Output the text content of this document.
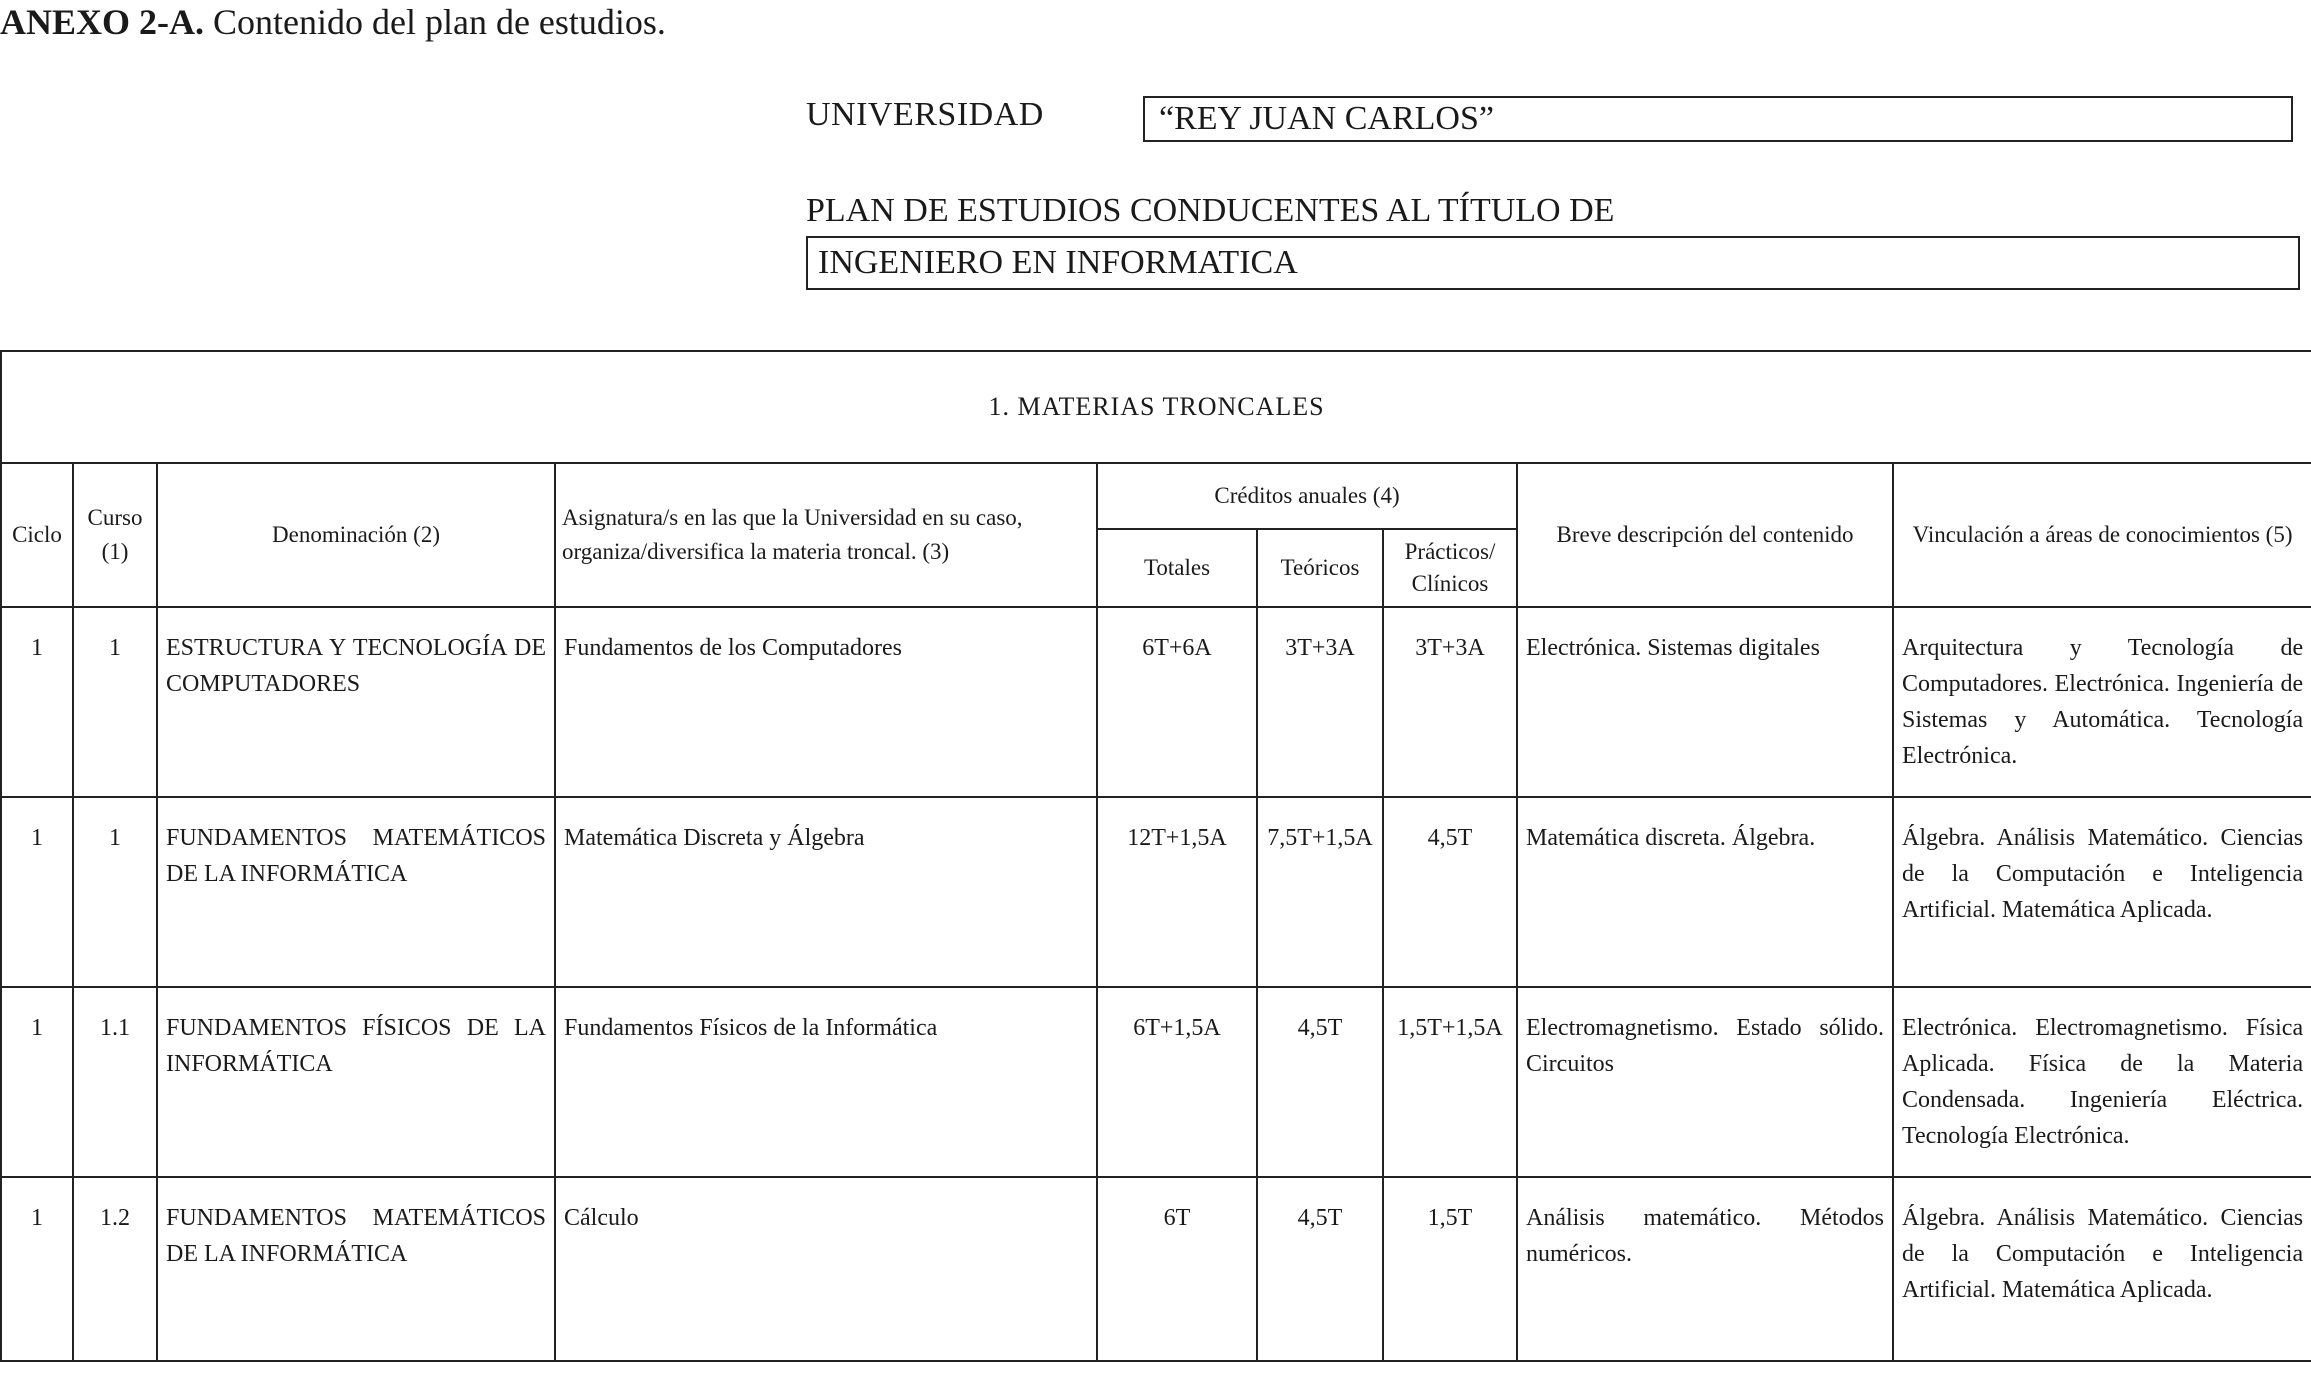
ANEXO 2-A. Contenido del plan de estudios.
UNIVERSIDAD	“REY JUAN CARLOS”
PLAN DE ESTUDIOS CONDUCENTES AL TÍTULO DE
INGENIERO EN INFORMATICA
1. MATERIAS TRONCALES								
Ciclo	Curso (1)	Denominación (2)	Asignatura/s en las que la Universidad en su caso, organiza/diversifica la materia troncal. (3)	Créditos anuales (4)			Breve descripción del contenido	Vinculación a áreas de conocimientos (5)
				Totales	Teóricos	Prácticos/ Clínicos		
1	1	ESTRUCTURA Y TECNOLOGÍA DE COMPUTADORES	Fundamentos de los Computadores	6T+6A	3T+3A	3T+3A	Electrónica. Sistemas digitales	Arquitectura y Tecnología de Computadores. Electrónica. Ingeniería de Sistemas y Automática. Tecnología Electrónica.
1	1	FUNDAMENTOS MATEMÁTICOS DE LA INFORMÁTICA	Matemática Discreta y Álgebra	12T+1,5A	7,5T+1,5A	4,5T	Matemática discreta. Álgebra.	Álgebra. Análisis Matemático. Ciencias de la Computación e Inteligencia Artificial. Matemática Aplicada.
1	1.1	FUNDAMENTOS FÍSICOS DE LA INFORMÁTICA	Fundamentos Físicos de la Informática	6T+1,5A	4,5T	1,5T+1,5A	Electromagnetismo. Estado sólido. Circuitos	Electrónica. Electromagnetismo. Física Aplicada. Física de la Materia Condensada. Ingeniería Eléctrica. Tecnología Electrónica.
1	1.2	FUNDAMENTOS MATEMÁTICOS DE LA INFORMÁTICA	Cálculo	6T	4,5T	1,5T	Análisis matemático. Métodos numéricos.	Álgebra. Análisis Matemático. Ciencias de la Computación e Inteligencia Artificial. Matemática Aplicada.
